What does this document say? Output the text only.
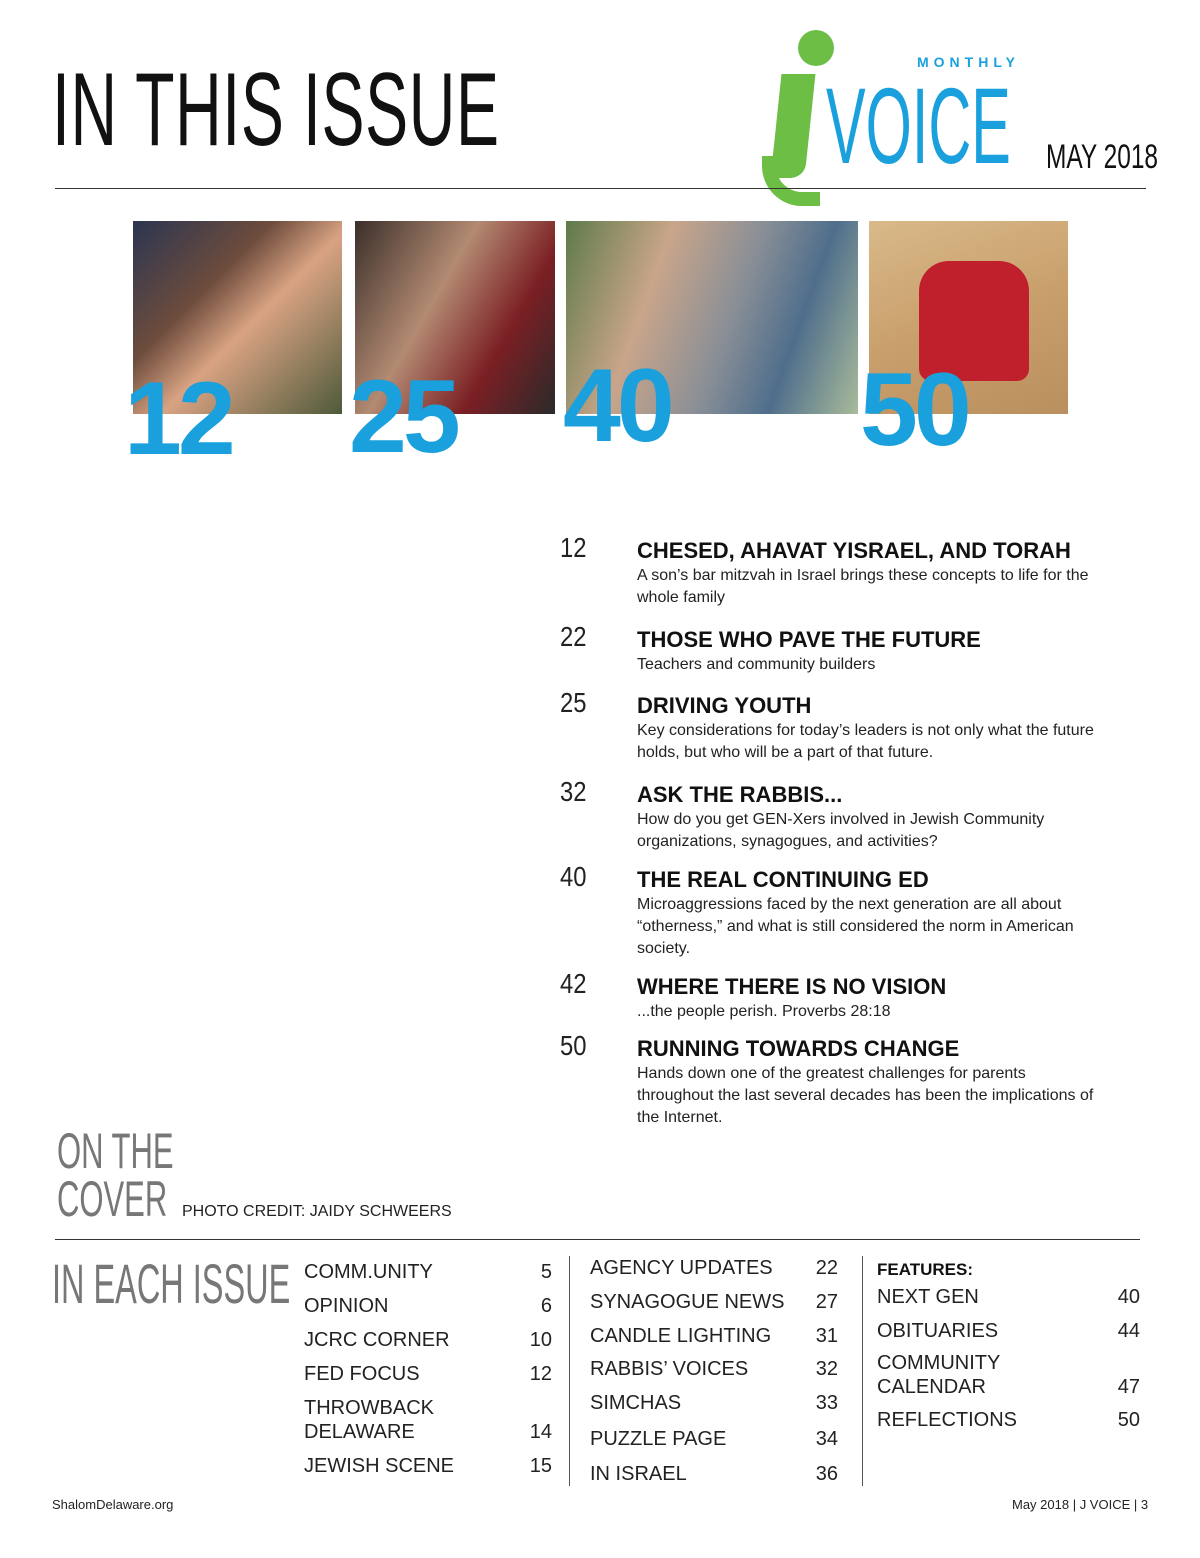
IN THIS ISSUE	MONTHLY
VOICE MAY 2018
12 25 40 50
12 CHESED, AHAVAT YISRAEL, AND TORAH
A son’s bar mitzvah in Israel brings these concepts to life for the whole family
22 THOSE WHO PAVE THE FUTURE
Teachers and community builders
25 DRIVING YOUTH
Key considerations for today’s leaders is not only what the future holds, but who will be a part of that future.
32 ASK THE RABBIS...
How do you get GEN-Xers involved in Jewish Community organizations, synagogues, and activities?
40 THE REAL CONTINUING ED
Microaggressions faced by the next generation are all about “otherness,” and what is still considered the norm in American society.
42 WHERE THERE IS NO VISION
...the people perish. Proverbs 28:18
50 RUNNING TOWARDS CHANGE
Hands down one of the greatest challenges for parents throughout the last several decades has been the implications of the Internet.
ON THE
COVER PHOTO CREDIT: JAIDY SCHWEERS
IN EACH ISSUE COMM.UNITY	5
OPINION	6
JCRC CORNER	10
FED FOCUS	12
THROWBACK DELAWARE	14
JEWISH SCENE	15
AGENCY UPDATES	22
SYNAGOGUE NEWS 27
CANDLE LIGHTING	31
RABBIS’ VOICES	32
SIMCHAS	33
PUZZLE PAGE	34
IN ISRAEL	36
FEATURES:
NEXT GEN	40
OBITUARIES	44
COMMUNITY CALENDAR	47
REFLECTIONS	50
ShalomDelaware.org	May 2018 | J VOICE | 3
